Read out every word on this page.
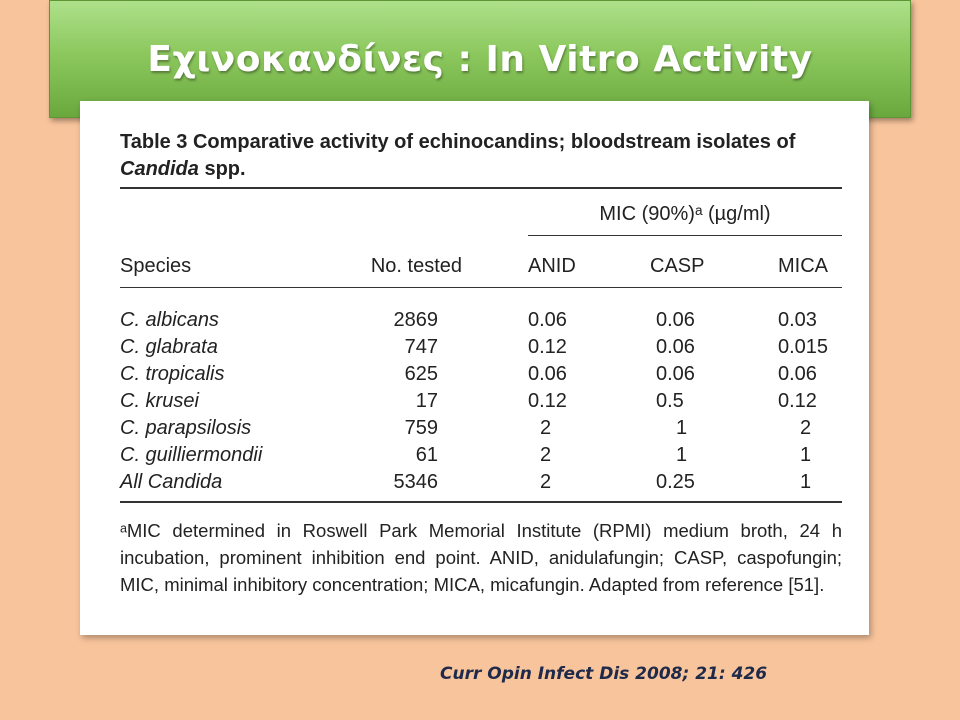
Εχινοκανδίνες : In Vitro Activity

Table 3 Comparative activity of echinocandins; bloodstream isolates of Candida spp.

MIC (90%)ᵃ (µg/ml)
Species	No. tested	ANID	CASP	MICA
C. albicans	2869	0.06	0.06	0.03
C. glabrata	747	0.12	0.06	0.015
C. tropicalis	625	0.06	0.06	0.06
C. krusei	17	0.12	0.5	0.12
C. parapsilosis	759	2	1	2
C. guilliermondii	61	2	1	1
All Candida	5346	2	0.25	1
ᵃMIC determined in Roswell Park Memorial Institute (RPMI) medium broth, 24 h incubation, prominent inhibition end point. ANID, anidulafungin; CASP, caspofungin; MIC, minimal inhibitory concentration; MICA, micafungin. Adapted from reference [51].
Curr Opin Infect Dis 2008; 21: 426
